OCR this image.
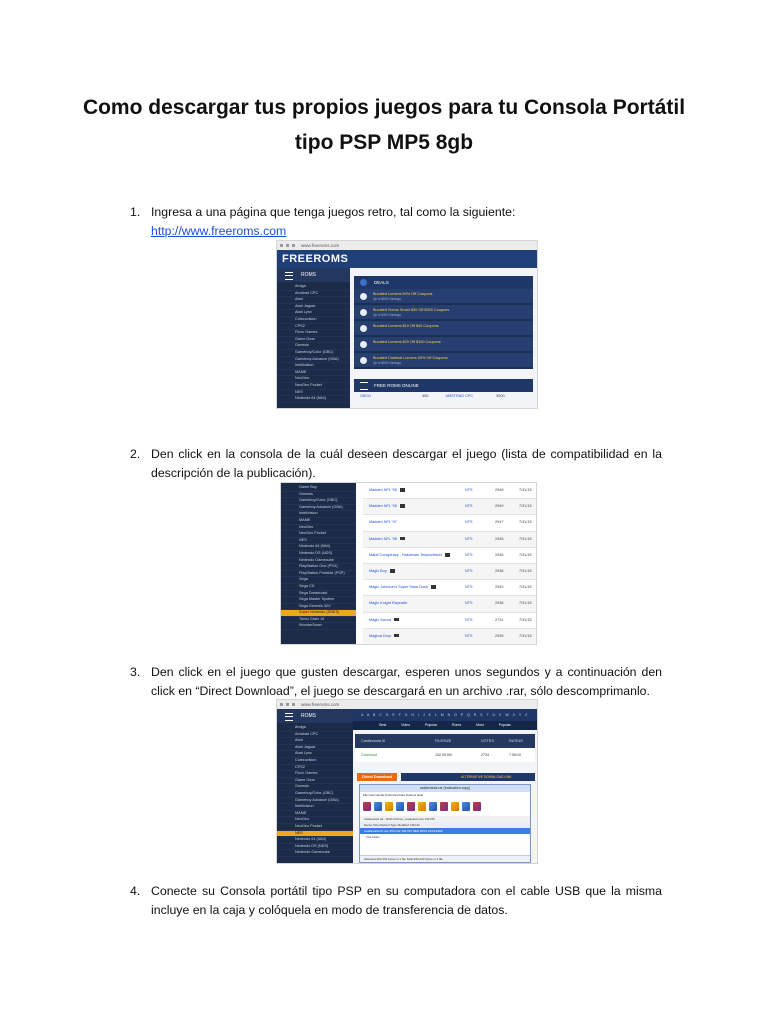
Como descargar tus propios juegos para tu Consola Portátil
tipo PSP MP5 8gb
1. Ingresa a una página que tenga juegos retro, tal como la siguiente:
http://www.freeroms.com
www.freeroms.com
FREEROMS
ROMS
Amiga
Amstrad CPC
Atari
Atari Jaguar
Atari Lynx
Colecovision
CPS2
Fluxx Games
Game Gear
Genesis
Gameboy/Color (GBC)
Gameboy Advance (GBA)
Intellivision
MAME
NeoGeo
NeoGeo Pocket
NES
Nintendo 64 (N64)
DEALS
Bundled Lumens 50% Off Coupons
Up to $500 Savings
Bundled Sonos Smart $30 Off $300 Coupons
Up to $300 Savings
Bundled Lumens $10 Off $40 Coupons
Bundled Lumens $20 Off $100 Coupons
Bundled Cardinal Lumens 50% Off Coupons
Up to $500 Savings
FREE ROMS ONLINE
GBCD	300	AMSTRAD CPC	3000
2. Den click en la consola de la cuál deseen descargar el juego (lista de compatibilidad en la descripción de la publicación).
Game Boy
Genesis
Gameboy/Color (GBC)
Gameboy Advance (GBA)
Intellivision
MAME
NeoGeo
NeoGeo Pocket
NES
Nintendo 64 (N64)
Nintendo DS (NDS)
Nintendo Gamecube
PlayStation One (PSX)
PlayStation Portable (PSP)
Sega
Sega CD
Sega Dreamcast
Sega Master System
Sega Genesis 32X
Super Nintendo (SNES)
Turbo Grafx 16
WonderSwan
Madden NFL '95	NTS	2948	7/31/15
Madden NFL '96	NTS	2949	7/31/15
Madden NFL '97	NTS	2947	7/31/15
Madden NFL '98	NTS	2946	7/31/15
Mafat Conspiracy - Hakaiman Jinryumitachi	NTS	2946	7/31/15
Magic Boy	NTS	2936	7/31/15
Magic Johnson's Super Slam Dunk	NTS	2940	7/31/15
Magic Knight Rayearth	NTS	2936	7/31/15
Magic Sword	NTS	2731	7/31/15
Magical Drop	NTS	2935	7/31/15
3. Den click en el juego que gusten descargar, esperen unos segundos y a continuación den click en “Direct Download”, el juego se descargará en un archivo .rar, sólo descomprimanlo.
www.freeroms.com
ROMS
Amiga
Amstrad CPC
Atari
Atari Jaguar
Atari Lynx
Colecovision
CPS2
Fluxx Games
Game Gear
Genesis
Gameboy/Color (GBC)
Gameboy Advance (GBA)
Intellivision
MAME
NeoGeo
NeoGeo Pocket
NES
Nintendo 64 (N64)
Nintendo DS (NDS)
Nintendo Gamecube
# A B C D E F G H I J K L M N O P Q R S T U V W X Y Z
Best Video Popular Roms Most Popular
Castlevania III	FILESIZE	VOTES	RATING
Download	132.09 KB	2734	7.50/10
Direct Download	ALTERNATIVE DOWNLOAD LINK
castlevania.rar (evaluation copy)
File Commands Tools Favorites Options Help
castlevania.rar - RAR archive, unpacked size 132 KB
Name Size Packed Type Modified CRC32
Castlevania III.nes 393,232 132,057 NES ROM 12/11/1999
.. File folder
Selected 393,232 bytes in 1 file Total 393,232 bytes in 1 file
4. Conecte su Consola portátil tipo PSP en su computadora con el cable USB que la misma incluye en la caja y colóquela en modo de transferencia de datos.
